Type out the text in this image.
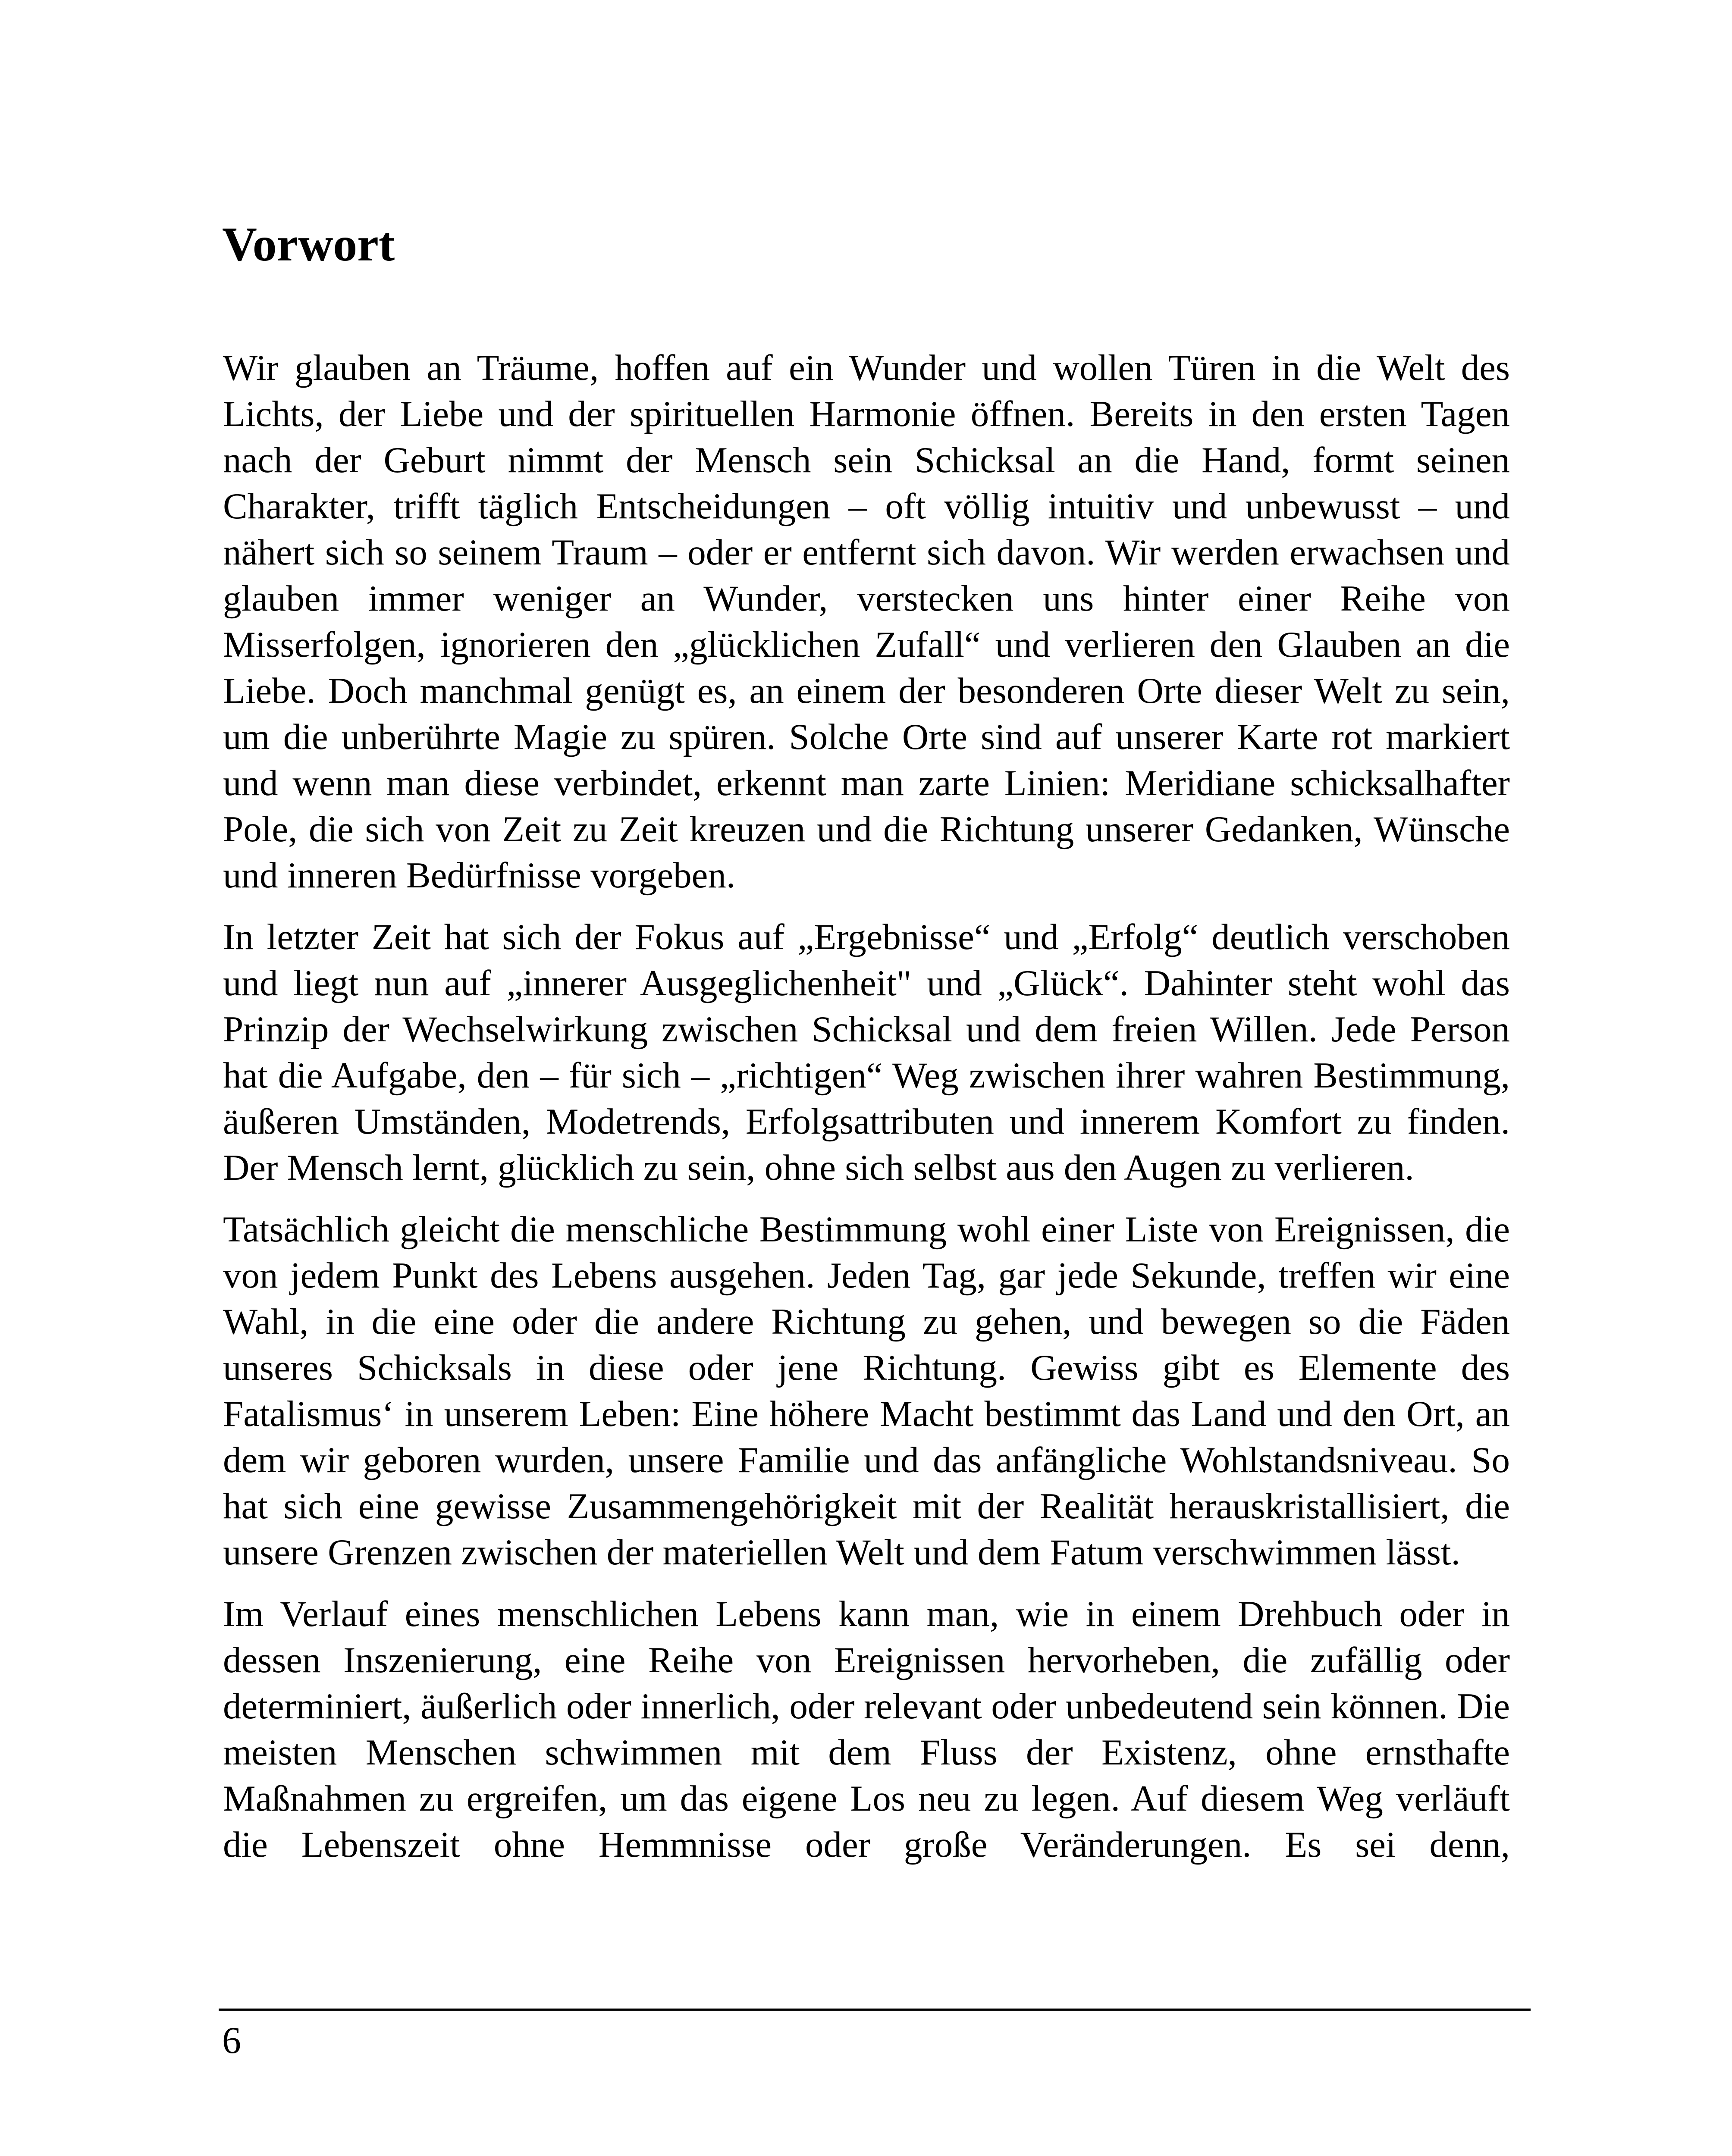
Vorwort

Wir glauben an Träume, hoffen auf ein Wunder und wollen Türen in die Welt des Lichts, der Liebe und der spirituellen Harmonie öffnen. Bereits in den ersten Tagen nach der Geburt nimmt der Mensch sein Schicksal an die Hand, formt seinen Charakter, trifft täglich Entscheidungen – oft völlig intuitiv und unbewusst – und nähert sich so seinem Traum – oder er entfernt sich davon. Wir werden erwachsen und glauben immer weniger an Wunder, verstecken uns hinter einer Reihe von Misserfolgen, ignorieren den „glücklichen Zufall“ und verlieren den Glauben an die Liebe. Doch manchmal genügt es, an einem der besonderen Orte dieser Welt zu sein, um die unberührte Magie zu spüren. Solche Orte sind auf unserer Karte rot markiert und wenn man diese verbindet, erkennt man zarte Linien: Meridiane schicksalhafter Pole, die sich von Zeit zu Zeit kreuzen und die Richtung unserer Gedanken, Wünsche und inneren Bedürfnisse vorgeben.

In letzter Zeit hat sich der Fokus auf „Ergebnisse“ und „Erfolg“ deutlich verschoben und liegt nun auf „innerer Ausgeglichenheit" und „Glück“. Dahinter steht wohl das Prinzip der Wechselwirkung zwischen Schicksal und dem freien Willen. Jede Person hat die Aufgabe, den – für sich – „richtigen“ Weg zwischen ihrer wahren Bestimmung, äußeren Umständen, Modetrends, Erfolgsattributen und innerem Komfort zu finden. Der Mensch lernt, glücklich zu sein, ohne sich selbst aus den Augen zu verlieren.

Tatsächlich gleicht die menschliche Bestimmung wohl einer Liste von Ereignissen, die von jedem Punkt des Lebens ausgehen. Jeden Tag, gar jede Sekunde, treffen wir eine Wahl, in die eine oder die andere Richtung zu gehen, und bewegen so die Fäden unseres Schicksals in diese oder jene Richtung. Gewiss gibt es Elemente des Fatalismus‘ in unserem Leben: Eine höhere Macht bestimmt das Land und den Ort, an dem wir geboren wurden, unsere Familie und das anfängliche Wohlstandsniveau. So hat sich eine gewisse Zusammengehörigkeit mit der Realität herauskristallisiert, die unsere Grenzen zwischen der materiellen Welt und dem Fatum verschwimmen lässt.

Im Verlauf eines menschlichen Lebens kann man, wie in einem Drehbuch oder in dessen Inszenierung, eine Reihe von Ereignissen hervorheben, die zufällig oder determiniert, äußerlich oder innerlich, oder relevant oder unbedeutend sein können. Die meisten Menschen schwimmen mit dem Fluss der Existenz, ohne ernsthafte Maßnahmen zu ergreifen, um das eigene Los neu zu legen. Auf diesem Weg verläuft die Lebenszeit ohne Hemmnisse oder große Veränderungen. Es sei denn,

6
